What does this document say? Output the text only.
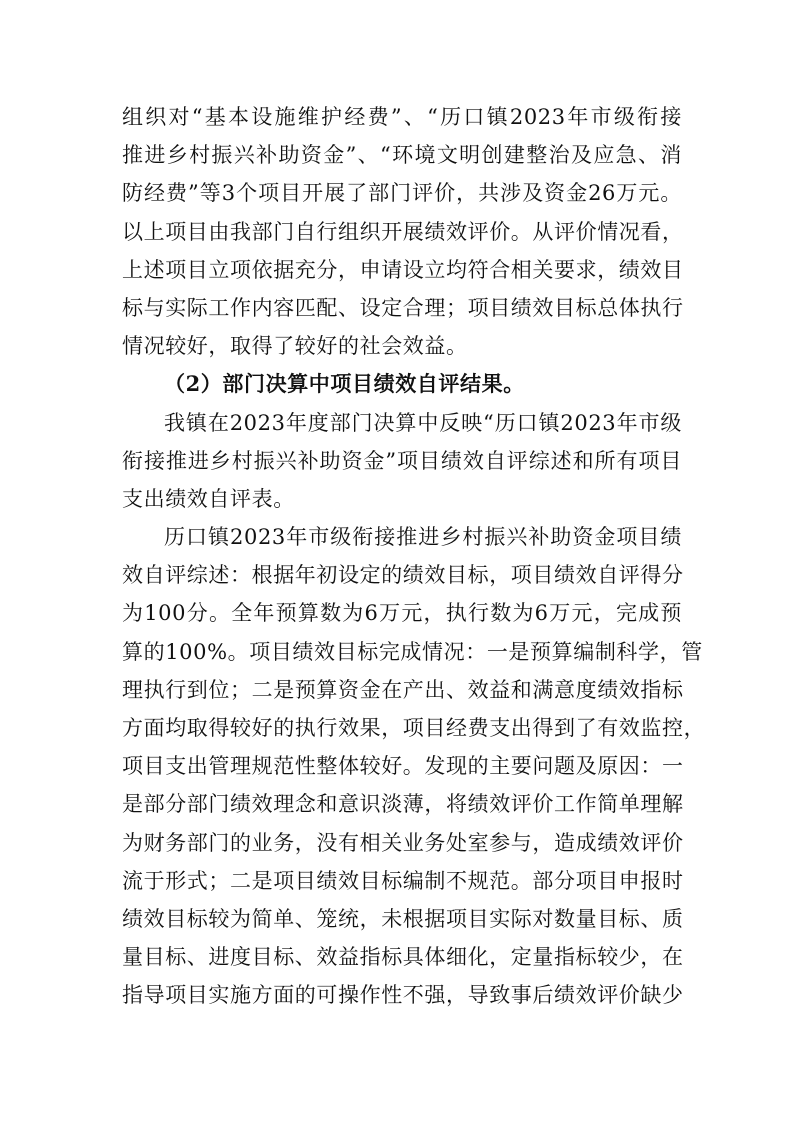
组织对“基本设施维护经费”、“历口镇2023年市级衔接
推进乡村振兴补助资金”、“环境文明创建整治及应急、消
防经费”等3个项目开展了部门评价，共涉及资金26万元。
以上项目由我部门自行组织开展绩效评价。从评价情况看，
上述项目立项依据充分，申请设立均符合相关要求，绩效目
标与实际工作内容匹配、设定合理；项目绩效目标总体执行
情况较好，取得了较好的社会效益。
（2）部门决算中项目绩效自评结果。
我镇在2023年度部门决算中反映“历口镇2023年市级
衔接推进乡村振兴补助资金”项目绩效自评综述和所有项目
支出绩效自评表。
历口镇2023年市级衔接推进乡村振兴补助资金项目绩
效自评综述：根据年初设定的绩效目标，项目绩效自评得分
为100分。全年预算数为6万元，执行数为6万元，完成预
算的100%。项目绩效目标完成情况：一是预算编制科学，管
理执行到位；二是预算资金在产出、效益和满意度绩效指标
方面均取得较好的执行效果，项目经费支出得到了有效监控，
项目支出管理规范性整体较好。发现的主要问题及原因：一
是部分部门绩效理念和意识淡薄，将绩效评价工作简单理解
为财务部门的业务，没有相关业务处室参与，造成绩效评价
流于形式；二是项目绩效目标编制不规范。部分项目申报时
绩效目标较为简单、笼统，未根据项目实际对数量目标、质
量目标、进度目标、效益指标具体细化，定量指标较少，在
指导项目实施方面的可操作性不强，导致事后绩效评价缺少
